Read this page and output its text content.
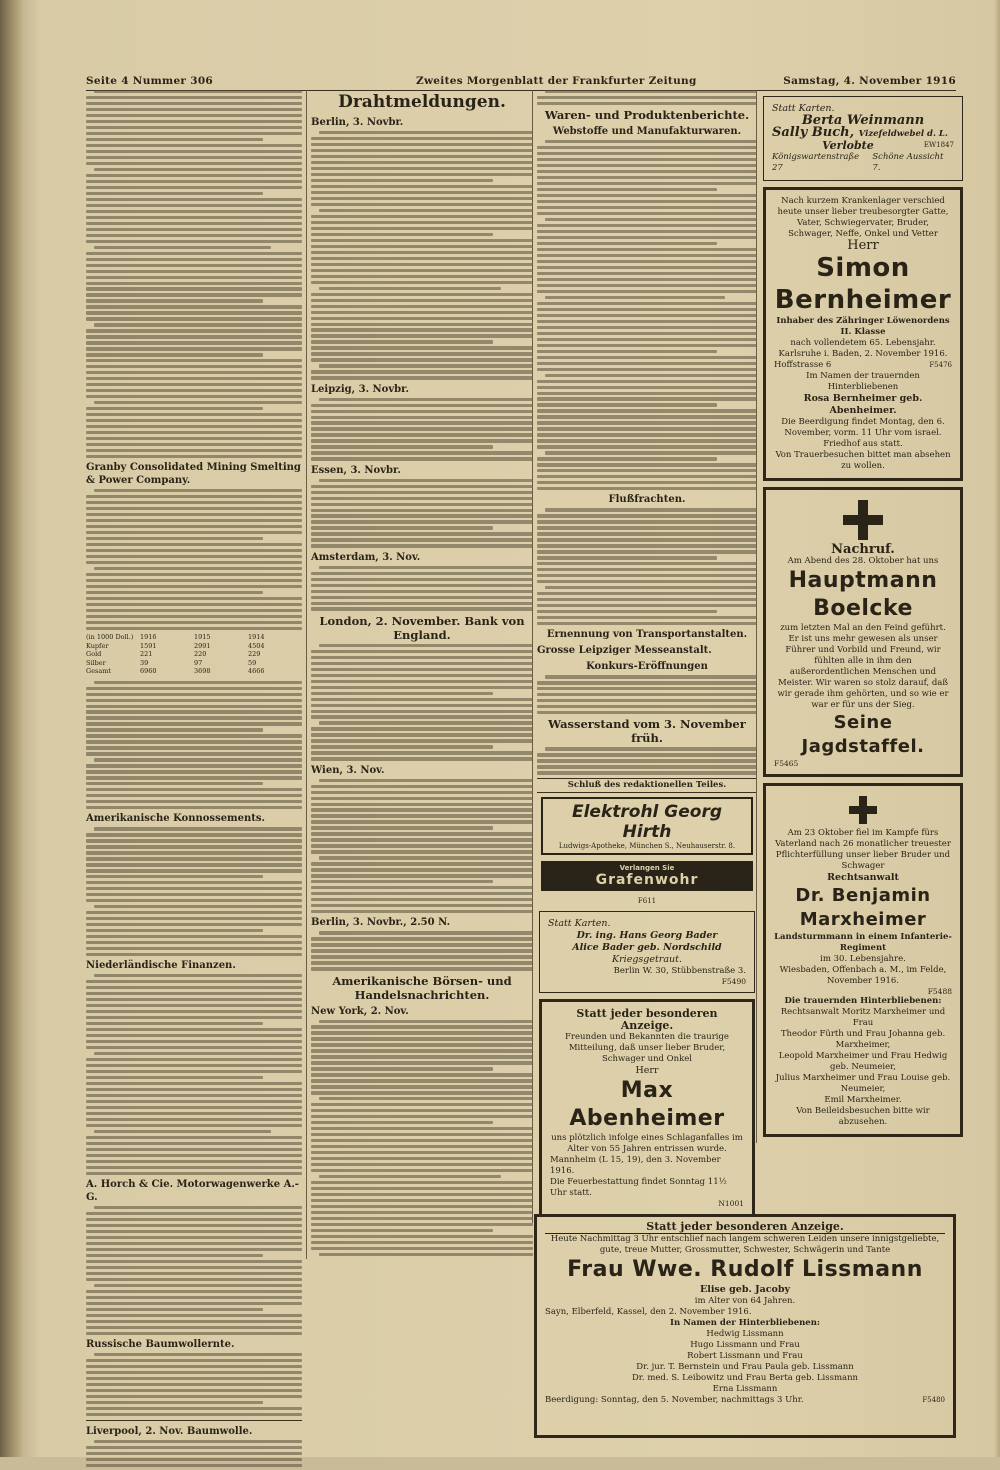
Seite 4 Nummer 306	Zweites Morgenblatt der Frankfurter Zeitung	Samstag, 4. November 1916
Granby Consolidated Mining Smelting & Power Company.
(in 1000 Doll.)	1916	1915	1914
Kupfer	1591	2991	4504
Gold	221	220	229
Silber	39	97	59
Gesamt	6960	3698	4666
Amerikanische Konnossements.
Niederländische Finanzen.
A. Horch & Cie. Motorwagenwerke A.-G.
Russische Baumwollernte.
Liverpool, 2. Nov. Baumwolle.
Drahtmeldungen.
Berlin, 3. Novbr.
Leipzig, 3. Novbr.
Essen, 3. Novbr.
Amsterdam, 3. Nov.
London, 2. November. Bank von England.
Wien, 3. Nov.
Berlin, 3. Novbr., 2.50 N.
Amerikanische Börsen- und Handelsnachrichten.
New York, 2. Nov.
Waren- und Produktenberichte.
Webstoffe und Manufakturwaren.
Flußfrachten.
Ernennung von Transportanstalten.
Grosse Leipziger Messeanstalt.
Konkurs-Eröffnungen
Wasserstand vom 3. November früh.
Schluß des redaktionellen Teiles.
Elektrohl Georg Hirth
Ludwigs-Apotheke, München S., Neuhauserstr. 8.
Verlangen Sie
Grafenwohr
F611
Statt Karten.
Dr. ing. Hans Georg Bader
Alice Bader geb. Nordschild
Kriegsgetraut.
Berlin W. 30, Stübbenstraße 3.
F5490
Statt jeder besonderen Anzeige.
Freunden und Bekannten die traurige Mitteilung, daß unser lieber Bruder, Schwager und Onkel
Herr
Max Abenheimer
uns plötzlich infolge eines Schlaganfalles im Alter von 55 Jahren entrissen wurde.
Mannheim (L 15, 19), den 3. November 1916.
Die Feuerbestattung findet Sonntag 11½ Uhr statt.
N1001
Statt Karten.
Berta Weinmann
Sally Buch, Vizefeldwebel d. L.
Verlobte	EW1847
Königswartenstraße 27
Schöne Aussicht 7.
Nach kurzem Krankenlager verschied heute unser lieber treubesorgter Gatte, Vater, Schwiegervater, Bruder, Schwager, Neffe, Onkel und Vetter
Herr
Simon Bernheimer
Inhaber des Zähringer Löwenordens II. Klasse
nach vollendetem 65. Lebensjahr.
Karlsruhe i. Baden, 2. November 1916.
Hoffstrasse 6	F5476
Im Namen der trauernden Hinterbliebenen
Rosa Bernheimer geb. Abenheimer.
Die Beerdigung findet Montag, den 6. November, vorm. 11 Uhr vom israel. Friedhof aus statt.
Von Trauerbesuchen bittet man absehen zu wollen.
Nachruf.
Am Abend des 28. Oktober hat uns
Hauptmann Boelcke
zum letzten Mal an den Feind geführt.
Er ist uns mehr gewesen als unser Führer und Vorbild und Freund, wir fühlten alle in ihm den außerordentlichen Menschen und Meister. Wir waren so stolz darauf, daß wir gerade ihm gehörten, und so wie er war er für uns der Sieg.
Seine Jagdstaffel.
F5465
Am 23 Oktober fiel im Kampfe fürs Vaterland nach 26 monatlicher treuester Pflichterfüllung unser lieber Bruder und Schwager
Rechtsanwalt
Dr. Benjamin Marxheimer
Landsturmmann in einem Infanterie-Regiment
im 30. Lebensjahre.
Wiesbaden, Offenbach a. M., im Felde, November 1916.
F5488
Die trauernden Hinterbliebenen:
Rechtsanwalt Moritz Marxheimer und Frau
Theodor Fürth und Frau Johanna geb. Marxheimer,
Leopold Marxheimer und Frau Hedwig geb. Neumeier,
Julius Marxheimer und Frau Louise geb. Neumeier,
Emil Marxheimer.
Von Beileidsbesuchen bitte wir abzusehen.
Statt jeder besonderen Anzeige.
Heute Nachmittag 3 Uhr entschlief nach langem schweren Leiden unsere innigstgeliebte, gute, treue Mutter, Grossmutter, Schwester, Schwägerin und Tante
Frau Wwe. Rudolf Lissmann
Elise geb. Jacoby
im Alter von 64 Jahren.
Sayn, Elberfeld, Kassel, den 2. November 1916.
In Namen der Hinterbliebenen:
Hedwig Lissmann
Hugo Lissmann und Frau
Robert Lissmann und Frau
Dr. jur. T. Bernstein und Frau Paula geb. Lissmann
Dr. med. S. Leibowitz und Frau Berta geb. Lissmann
Erna Lissmann
Beerdigung: Sonntag, den 5. November, nachmittags 3 Uhr.	F5480
